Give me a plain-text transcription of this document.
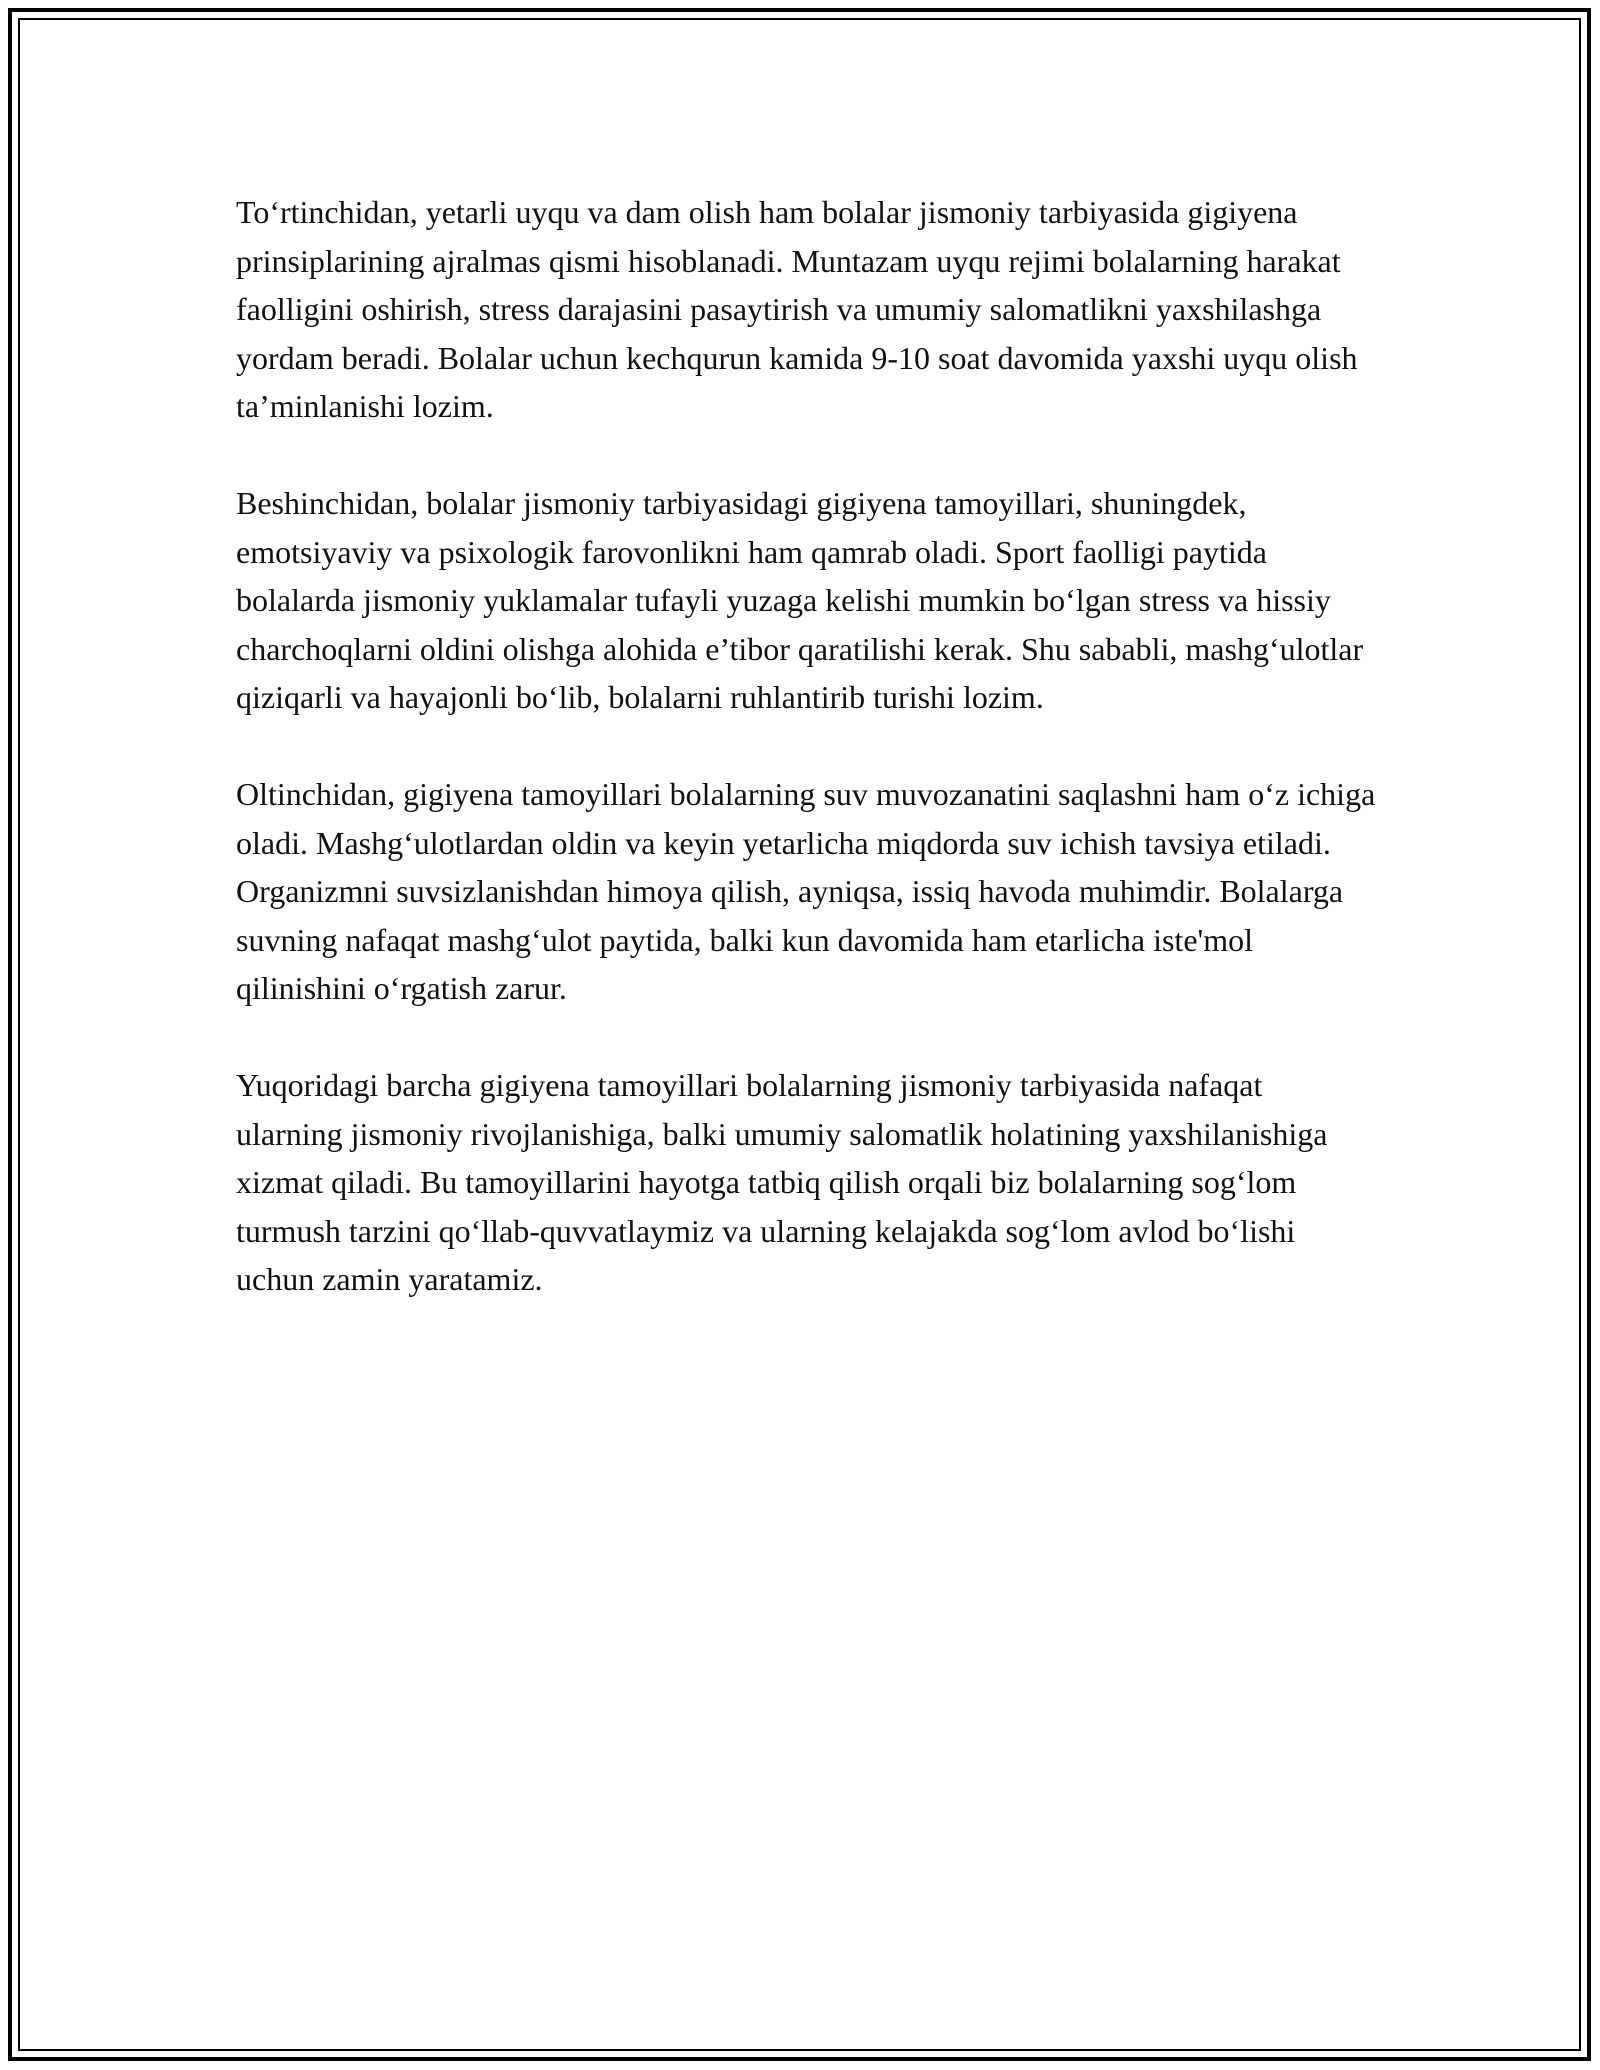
To‘rtinchidan, yetarli uyqu va dam olish ham bolalar jismoniy tarbiyasida gigiyena prinsiplarining ajralmas qismi hisoblanadi. Muntazam uyqu rejimi bolalarning harakat faolligini oshirish, stress darajasini pasaytirish va umumiy salomatlikni yaxshilashga yordam beradi. Bolalar uchun kechqurun kamida 9-10 soat davomida yaxshi uyqu olish ta’minlanishi lozim.

Beshinchidan, bolalar jismoniy tarbiyasidagi gigiyena tamoyillari, shuningdek, emotsiyaviy va psixologik farovonlikni ham qamrab oladi. Sport faolligi paytida bolalarda jismoniy yuklamalar tufayli yuzaga kelishi mumkin bo‘lgan stress va hissiy charchoqlarni oldini olishga alohida e’tibor qaratilishi kerak. Shu sababli, mashg‘ulotlar qiziqarli va hayajonli bo‘lib, bolalarni ruhlantirib turishi lozim.

Oltinchidan, gigiyena tamoyillari bolalarning suv muvozanatini saqlashni ham o‘z ichiga oladi. Mashg‘ulotlardan oldin va keyin yetarlicha miqdorda suv ichish tavsiya etiladi. Organizmni suvsizlanishdan himoya qilish, ayniqsa, issiq havoda muhimdir. Bolalarga suvning nafaqat mashg‘ulot paytida, balki kun davomida ham etarlicha iste'mol qilinishini o‘rgatish zarur.

Yuqoridagi barcha gigiyena tamoyillari bolalarning jismoniy tarbiyasida nafaqat ularning jismoniy rivojlanishiga, balki umumiy salomatlik holatining yaxshilanishiga xizmat qiladi. Bu tamoyillarini hayotga tatbiq qilish orqali biz bolalarning sog‘lom turmush tarzini qo‘llab-quvvatlaymiz va ularning kelajakda sog‘lom avlod bo‘lishi uchun zamin yaratamiz.
